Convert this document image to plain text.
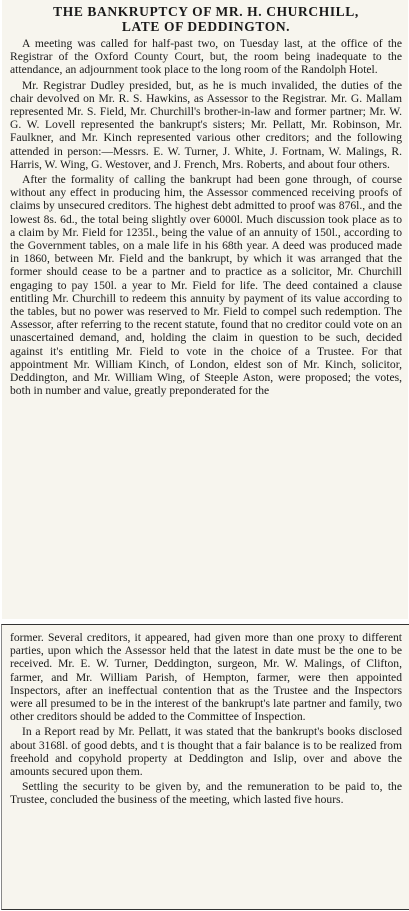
THE BANKRUPTCY OF MR. H. CHURCHILL,
LATE OF DEDDINGTON.

A meeting was called for half-past two, on Tuesday last, at the office of the Registrar of the Oxford County Court, but, the room being inadequate to the attendance, an adjournment took place to the long room of the Randolph Hotel.

Mr. Registrar Dudley presided, but, as he is much invalided, the duties of the chair devolved on Mr. R. S. Hawkins, as Assessor to the Registrar. Mr. G. Mallam represented Mr. S. Field, Mr. Churchill's brother-in-law and former partner; Mr. W. G. W. Lovell represented the bankrupt's sisters; Mr. Pellatt, Mr. Robinson, Mr. Faulkner, and Mr. Kinch represented various other creditors; and the following attended in person:—Messrs. E. W. Turner, J. White, J. Fortnam, W. Malings, R. Harris, W. Wing, G. Westover, and J. French, Mrs. Roberts, and about four others.

After the formality of calling the bankrupt had been gone through, of course without any effect in producing him, the Assessor commenced receiving proofs of claims by unsecured creditors. The highest debt admitted to proof was 876l., and the lowest 8s. 6d., the total being slightly over 6000l. Much discussion took place as to a claim by Mr. Field for 1235l., being the value of an annuity of 150l., according to the Government tables, on a male life in his 68th year. A deed was produced made in 1860, between Mr. Field and the bankrupt, by which it was arranged that the former should cease to be a partner and to practice as a solicitor, Mr. Churchill engaging to pay 150l. a year to Mr. Field for life. The deed contained a clause entitling Mr. Churchill to redeem this annuity by payment of its value according to the tables, but no power was reserved to Mr. Field to compel such redemption. The Assessor, after referring to the recent statute, found that no creditor could vote on an unascertained demand, and, holding the claim in question to be such, decided against it's entitling Mr. Field to vote in the choice of a Trustee. For that appointment Mr. William Kinch, of London, eldest son of Mr. Kinch, solicitor, Deddington, and Mr. William Wing, of Steeple Aston, were proposed; the votes, both in number and value, greatly preponderated for the

former. Several creditors, it appeared, had given more than one proxy to different parties, upon which the Assessor held that the latest in date must be the one to be received. Mr. E. W. Turner, Deddington, surgeon, Mr. W. Malings, of Clifton, farmer, and Mr. William Parish, of Hempton, farmer, were then appointed Inspectors, after an ineffectual contention that as the Trustee and the Inspectors were all presumed to be in the interest of the bankrupt's late partner and family, two other creditors should be added to the Committee of Inspection.

In a Report read by Mr. Pellatt, it was stated that the bankrupt's books disclosed about 3168l. of good debts, and t is thought that a fair balance is to be realized from freehold and copyhold property at Deddington and Islip, over and above the amounts secured upon them.

Settling the security to be given by, and the remuneration to be paid to, the Trustee, concluded the business of the meeting, which lasted five hours.
